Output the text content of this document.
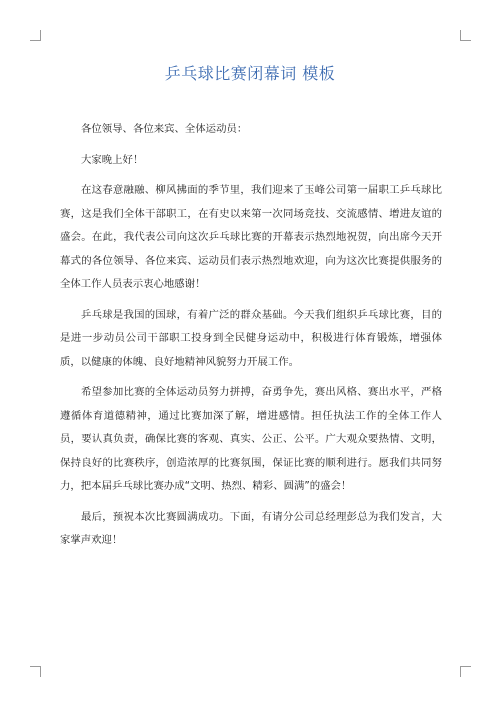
乒乓球比赛闭幕词 模板

各位领导、各位来宾、全体运动员：

大家晚上好！

在这春意融融、柳风拂面的季节里，我们迎来了玉峰公司第一届职工乒乓球比赛，这是我们全体干部职工，在有史以来第一次同场竞技、交流感情、增进友谊的盛会。在此，我代表公司向这次乒乓球比赛的开幕表示热烈地祝贺，向出席今天开幕式的各位领导、各位来宾、运动员们表示热烈地欢迎，向为这次比赛提供服务的全体工作人员表示衷心地感谢！

乒乓球是我国的国球，有着广泛的群众基础。今天我们组织乒乓球比赛，目的是进一步动员公司干部职工投身到全民健身运动中，积极进行体育锻炼，增强体质，以健康的体魄、良好地精神风貌努力开展工作。

希望参加比赛的全体运动员努力拼搏，奋勇争先，赛出风格、赛出水平，严格遵循体育道德精神，通过比赛加深了解，增进感情。担任执法工作的全体工作人员，要认真负责，确保比赛的客观、真实、公正、公平。广大观众要热情、文明，保持良好的比赛秩序，创造浓厚的比赛氛围，保证比赛的顺利进行。愿我们共同努力，把本届乒乓球比赛办成“文明、热烈、精彩、圆满”的盛会！

最后，预祝本次比赛圆满成功。下面，有请分公司总经理彭总为我们发言，大家掌声欢迎！
